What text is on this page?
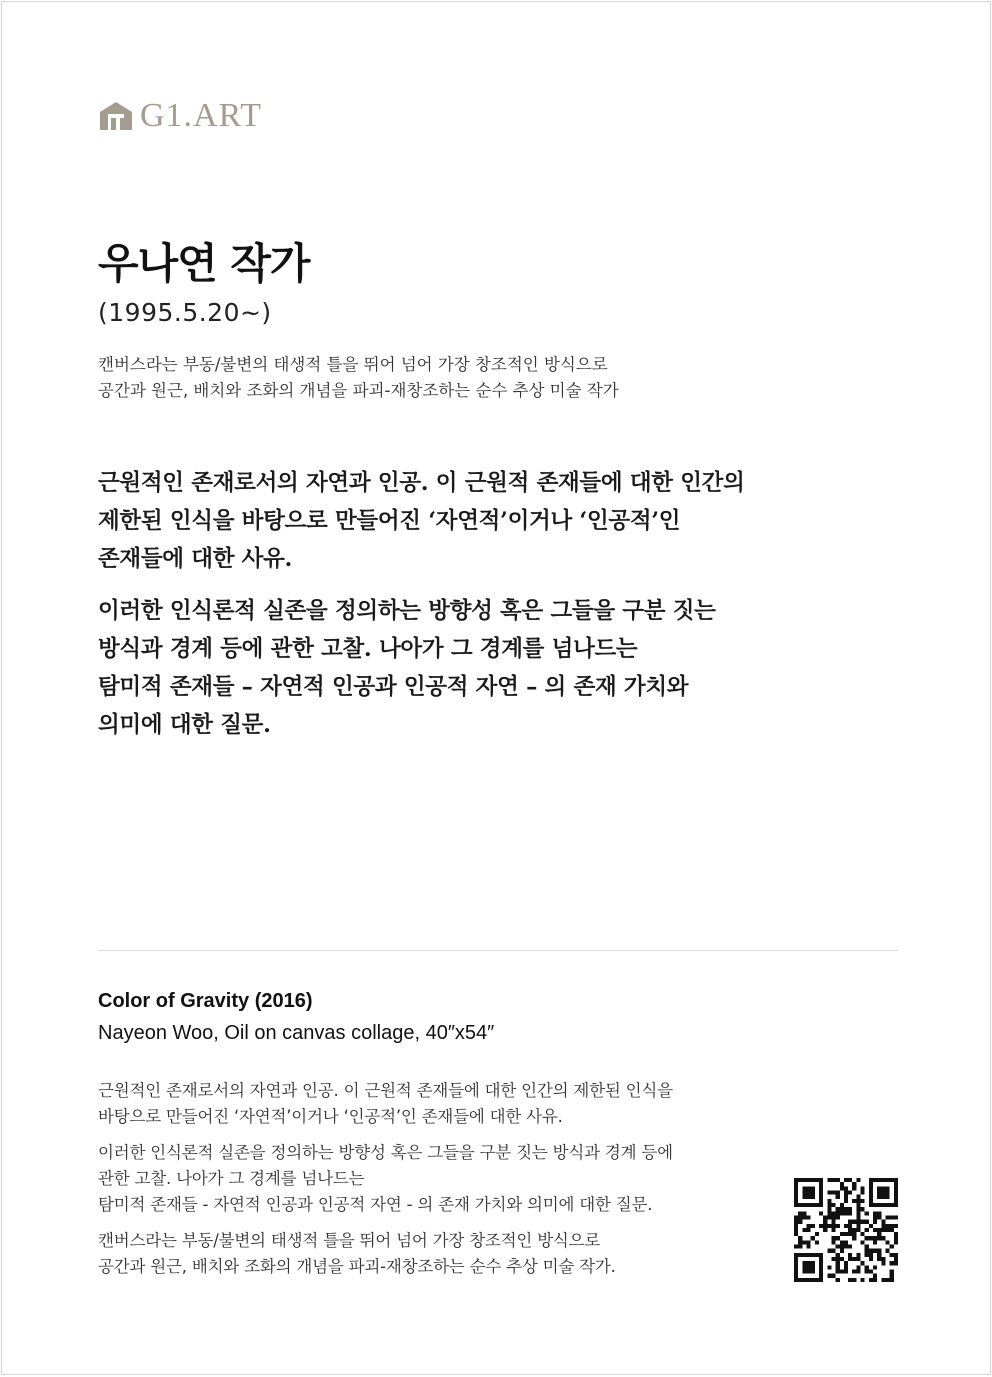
G1.ART
우나연 작가
(1995.5.20~)
캔버스라는 부동/불변의 태생적 틀을 뛰어 넘어 가장 창조적인 방식으로
공간과 원근, 배치와 조화의 개념을 파괴-재창조하는 순수 추상 미술 작가
근원적인 존재로서의 자연과 인공. 이 근원적 존재들에 대한 인간의
제한된 인식을 바탕으로 만들어진 ‘자연적’이거나 ‘인공적’인
존재들에 대한 사유.
이러한 인식론적 실존을 정의하는 방향성 혹은 그들을 구분 짓는
방식과 경계 등에 관한 고찰. 나아가 그 경계를 넘나드는
탐미적 존재들 – 자연적 인공과 인공적 자연 – 의 존재 가치와
의미에 대한 질문.
Color of Gravity (2016)
Nayeon Woo, Oil on canvas collage, 40″x54″
근원적인 존재로서의 자연과 인공. 이 근원적 존재들에 대한 인간의 제한된 인식을
바탕으로 만들어진 ‘자연적’이거나 ‘인공적’인 존재들에 대한 사유.
이러한 인식론적 실존을 정의하는 방향성 혹은 그들을 구분 짓는 방식과 경계 등에
관한 고찰. 나아가 그 경계를 넘나드는
탐미적 존재들 - 자연적 인공과 인공적 자연 - 의 존재 가치와 의미에 대한 질문.
캔버스라는 부동/불변의 태생적 틀을 뛰어 넘어 가장 창조적인 방식으로
공간과 원근, 배치와 조화의 개념을 파괴-재창조하는 순수 추상 미술 작가.
